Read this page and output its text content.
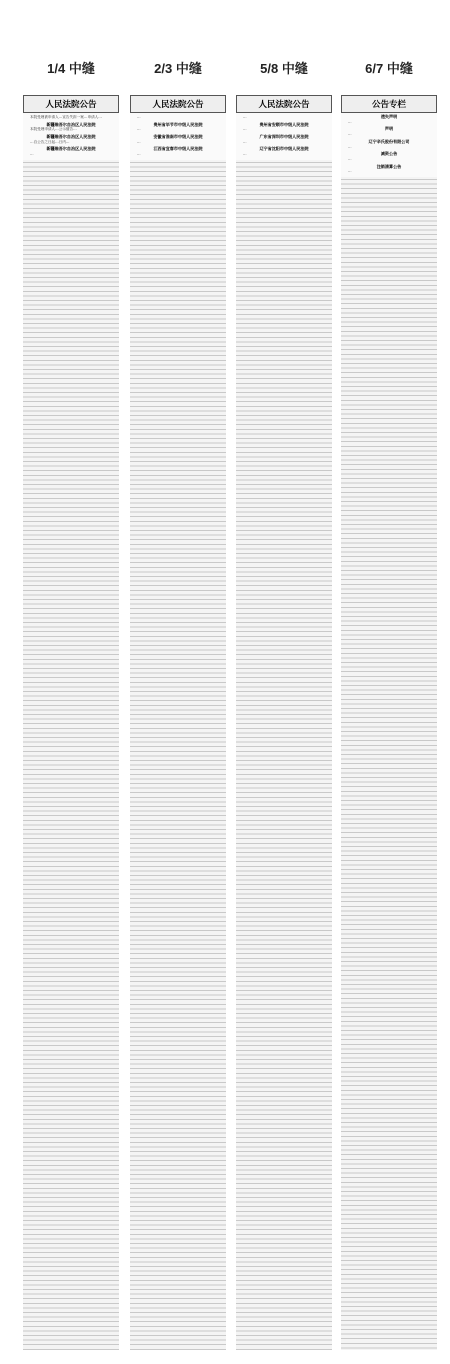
1/4 中缝	2/3 中缝	5/8 中缝	6/7 中缝
人民法院公告
本院受理被申请人…宣告失踪一案…申请人…
新疆维吾尔自治区人民法院
本院受理申请人…公示催告…
新疆维吾尔自治区人民法院
…自公告之日起…日内…
新疆维吾尔自治区人民法院
…
人民法院公告
…
贵州省毕节市中级人民法院
…
安徽省淮南市中级人民法院
…
江西省宜春市中级人民法院
…
人民法院公告
…
贵州省安顺市中级人民法院
…
广东省深圳市中级人民法院
…
辽宁省沈阳市中级人民法院
…
公告专栏
遗失声明
…
声明
…
辽宁辛氏股份有限公司
…
减资公告
…
注销清算公告
…
